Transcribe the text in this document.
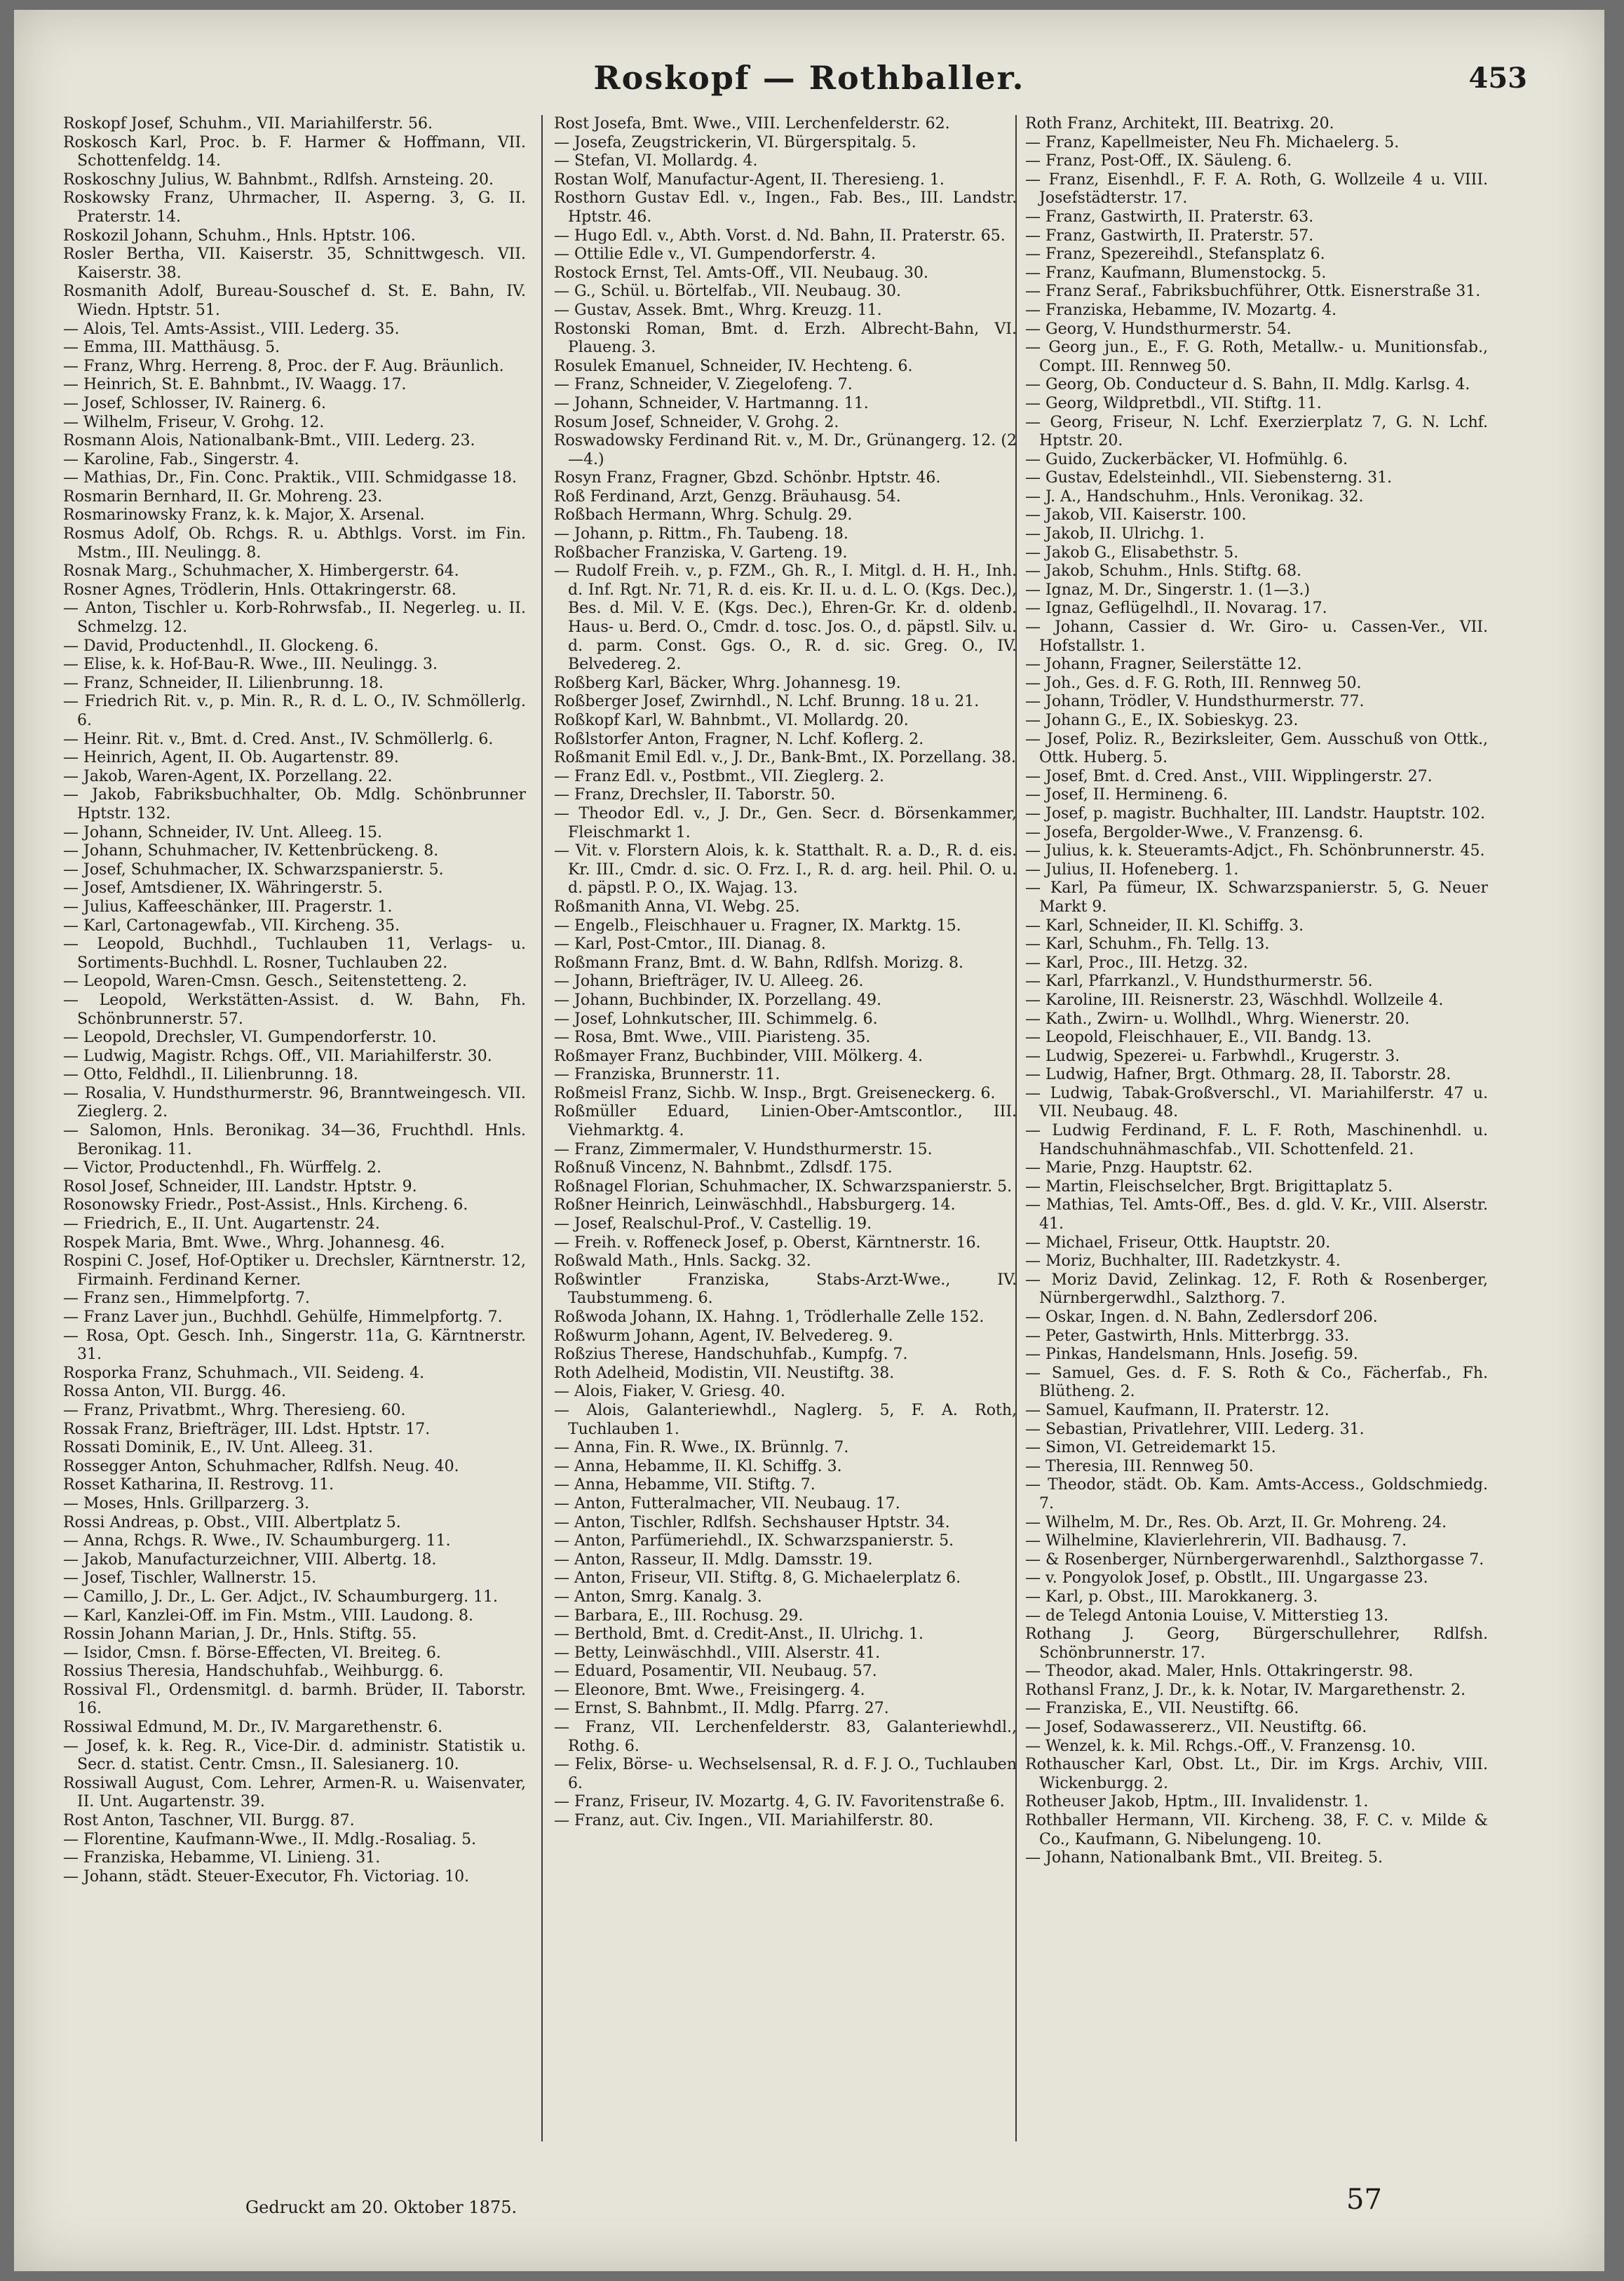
Roskopf — Rothballer.	453
Roskopf Josef, Schuhm., VII. Mariahilferstr. 56.
Roskosch Karl, Proc. b. F. Harmer & Hoffmann, VII. Schottenfeldg. 14.
Roskoschny Julius, W. Bahnbmt., Rdlfsh. Arnsteing. 20.
Roskowsky Franz, Uhrmacher, II. Asperng. 3, G. II. Praterstr. 14.
Roskozil Johann, Schuhm., Hnls. Hptstr. 106.
Rosler Bertha, VII. Kaiserstr. 35, Schnittwgesch. VII. Kaiserstr. 38.
Rosmanith Adolf, Bureau-Souschef d. St. E. Bahn, IV. Wiedn. Hptstr. 51.
— Alois, Tel. Amts-Assist., VIII. Lederg. 35.
— Emma, III. Matthäusg. 5.
— Franz, Whrg. Herreng. 8, Proc. der F. Aug. Bräunlich.
— Heinrich, St. E. Bahnbmt., IV. Waagg. 17.
— Josef, Schlosser, IV. Rainerg. 6.
— Wilhelm, Friseur, V. Grohg. 12.
Rosmann Alois, Nationalbank-Bmt., VIII. Lederg. 23.
— Karoline, Fab., Singerstr. 4.
— Mathias, Dr., Fin. Conc. Praktik., VIII. Schmidgasse 18.
Rosmarin Bernhard, II. Gr. Mohreng. 23.
Rosmarinowsky Franz, k. k. Major, X. Arsenal.
Rosmus Adolf, Ob. Rchgs. R. u. Abthlgs. Vorst. im Fin. Mstm., III. Neulingg. 8.
Rosnak Marg., Schuhmacher, X. Himbergerstr. 64.
Rosner Agnes, Trödlerin, Hnls. Ottakringerstr. 68.
— Anton, Tischler u. Korb-Rohrwsfab., II. Negerleg. u. II. Schmelzg. 12.
— David, Productenhdl., II. Glockeng. 6.
— Elise, k. k. Hof-Bau-R. Wwe., III. Neulingg. 3.
— Franz, Schneider, II. Lilienbrunng. 18.
— Friedrich Rit. v., p. Min. R., R. d. L. O., IV. Schmöllerlg. 6.
— Heinr. Rit. v., Bmt. d. Cred. Anst., IV. Schmöllerlg. 6.
— Heinrich, Agent, II. Ob. Augartenstr. 89.
— Jakob, Waren-Agent, IX. Porzellang. 22.
— Jakob, Fabriksbuchhalter, Ob. Mdlg. Schönbrunner Hptstr. 132.
— Johann, Schneider, IV. Unt. Alleeg. 15.
— Johann, Schuhmacher, IV. Kettenbrückeng. 8.
— Josef, Schuhmacher, IX. Schwarzspanierstr. 5.
— Josef, Amtsdiener, IX. Währingerstr. 5.
— Julius, Kaffeeschänker, III. Pragerstr. 1.
— Karl, Cartonagewfab., VII. Kircheng. 35.
— Leopold, Buchhdl., Tuchlauben 11, Verlags- u. Sortiments-Buchhdl. L. Rosner, Tuchlauben 22.
— Leopold, Waren-Cmsn. Gesch., Seitenstetteng. 2.
— Leopold, Werkstätten-Assist. d. W. Bahn, Fh. Schönbrunnerstr. 57.
— Leopold, Drechsler, VI. Gumpendorferstr. 10.
— Ludwig, Magistr. Rchgs. Off., VII. Mariahilferstr. 30.
— Otto, Feldhdl., II. Lilienbrunng. 18.
— Rosalia, V. Hundsthurmerstr. 96, Branntweingesch. VII. Zieglerg. 2.
— Salomon, Hnls. Beronikag. 34—36, Fruchthdl. Hnls. Beronikag. 11.
— Victor, Productenhdl., Fh. Würffelg. 2.
Rosol Josef, Schneider, III. Landstr. Hptstr. 9.
Rosonowsky Friedr., Post-Assist., Hnls. Kircheng. 6.
— Friedrich, E., II. Unt. Augartenstr. 24.
Rospek Maria, Bmt. Wwe., Whrg. Johannesg. 46.
Rospini C. Josef, Hof-Optiker u. Drechsler, Kärntnerstr. 12, Firmainh. Ferdinand Kerner.
— Franz sen., Himmelpfortg. 7.
— Franz Laver jun., Buchhdl. Gehülfe, Himmelpfortg. 7.
— Rosa, Opt. Gesch. Inh., Singerstr. 11a, G. Kärntnerstr. 31.
Rosporka Franz, Schuhmach., VII. Seideng. 4.
Rossa Anton, VII. Burgg. 46.
— Franz, Privatbmt., Whrg. Theresieng. 60.
Rossak Franz, Briefträger, III. Ldst. Hptstr. 17.
Rossati Dominik, E., IV. Unt. Alleeg. 31.
Rossegger Anton, Schuhmacher, Rdlfsh. Neug. 40.
Rosset Katharina, II. Restrovg. 11.
— Moses, Hnls. Grillparzerg. 3.
Rossi Andreas, p. Obst., VIII. Albertplatz 5.
— Anna, Rchgs. R. Wwe., IV. Schaumburgerg. 11.
— Jakob, Manufacturzeichner, VIII. Albertg. 18.
— Josef, Tischler, Wallnerstr. 15.
— Camillo, J. Dr., L. Ger. Adjct., IV. Schaumburgerg. 11.
— Karl, Kanzlei-Off. im Fin. Mstm., VIII. Laudong. 8.
Rossin Johann Marian, J. Dr., Hnls. Stiftg. 55.
— Isidor, Cmsn. f. Börse-Effecten, VI. Breiteg. 6.
Rossius Theresia, Handschuhfab., Weihburgg. 6.
Rossival Fl., Ordensmitgl. d. barmh. Brüder, II. Taborstr. 16.
Rossiwal Edmund, M. Dr., IV. Margarethenstr. 6.
— Josef, k. k. Reg. R., Vice-Dir. d. administr. Statistik u. Secr. d. statist. Centr. Cmsn., II. Salesianerg. 10.
Rossiwall August, Com. Lehrer, Armen-R. u. Waisenvater, II. Unt. Augartenstr. 39.
Rost Anton, Taschner, VII. Burgg. 87.
— Florentine, Kaufmann-Wwe., II. Mdlg.-Rosaliag. 5.
— Franziska, Hebamme, VI. Linieng. 31.
— Johann, städt. Steuer-Executor, Fh. Victoriag. 10.
Rost Josefa, Bmt. Wwe., VIII. Lerchenfelderstr. 62.
— Josefa, Zeugstrickerin, VI. Bürgerspitalg. 5.
— Stefan, VI. Mollardg. 4.
Rostan Wolf, Manufactur-Agent, II. Theresieng. 1.
Rosthorn Gustav Edl. v., Ingen., Fab. Bes., III. Landstr. Hptstr. 46.
— Hugo Edl. v., Abth. Vorst. d. Nd. Bahn, II. Praterstr. 65.
— Ottilie Edle v., VI. Gumpendorferstr. 4.
Rostock Ernst, Tel. Amts-Off., VII. Neubaug. 30.
— G., Schül. u. Börtelfab., VII. Neubaug. 30.
— Gustav, Assek. Bmt., Whrg. Kreuzg. 11.
Rostonski Roman, Bmt. d. Erzh. Albrecht-Bahn, VI. Plaueng. 3.
Rosulek Emanuel, Schneider, IV. Hechteng. 6.
— Franz, Schneider, V. Ziegelofeng. 7.
— Johann, Schneider, V. Hartmanng. 11.
Rosum Josef, Schneider, V. Grohg. 2.
Roswadowsky Ferdinand Rit. v., M. Dr., Grünangerg. 12. (2—4.)
Rosyn Franz, Fragner, Gbzd. Schönbr. Hptstr. 46.
Roß Ferdinand, Arzt, Genzg. Bräuhausg. 54.
Roßbach Hermann, Whrg. Schulg. 29.
— Johann, p. Rittm., Fh. Taubeng. 18.
Roßbacher Franziska, V. Garteng. 19.
— Rudolf Freih. v., p. FZM., Gh. R., I. Mitgl. d. H. H., Inh. d. Inf. Rgt. Nr. 71, R. d. eis. Kr. II. u. d. L. O. (Kgs. Dec.), Bes. d. Mil. V. E. (Kgs. Dec.), Ehren-Gr. Kr. d. oldenb. Haus- u. Berd. O., Cmdr. d. tosc. Jos. O., d. päpstl. Silv. u. d. parm. Const. Ggs. O., R. d. sic. Greg. O., IV. Belvedereg. 2.
Roßberg Karl, Bäcker, Whrg. Johannesg. 19.
Roßberger Josef, Zwirnhdl., N. Lchf. Brunng. 18 u. 21.
Roßkopf Karl, W. Bahnbmt., VI. Mollardg. 20.
Roßlstorfer Anton, Fragner, N. Lchf. Koflerg. 2.
Roßmanit Emil Edl. v., J. Dr., Bank-Bmt., IX. Porzellang. 38.
— Franz Edl. v., Postbmt., VII. Zieglerg. 2.
— Franz, Drechsler, II. Taborstr. 50.
— Theodor Edl. v., J. Dr., Gen. Secr. d. Börsenkammer, Fleischmarkt 1.
— Vit. v. Florstern Alois, k. k. Statthalt. R. a. D., R. d. eis. Kr. III., Cmdr. d. sic. O. Frz. I., R. d. arg. heil. Phil. O. u. d. päpstl. P. O., IX. Wajag. 13.
Roßmanith Anna, VI. Webg. 25.
— Engelb., Fleischhauer u. Fragner, IX. Marktg. 15.
— Karl, Post-Cmtor., III. Dianag. 8.
Roßmann Franz, Bmt. d. W. Bahn, Rdlfsh. Morizg. 8.
— Johann, Briefträger, IV. U. Alleeg. 26.
— Johann, Buchbinder, IX. Porzellang. 49.
— Josef, Lohnkutscher, III. Schimmelg. 6.
— Rosa, Bmt. Wwe., VIII. Piaristeng. 35.
Roßmayer Franz, Buchbinder, VIII. Mölkerg. 4.
— Franziska, Brunnerstr. 11.
Roßmeisl Franz, Sichb. W. Insp., Brgt. Greiseneckerg. 6.
Roßmüller Eduard, Linien-Ober-Amtscontlor., III. Viehmarktg. 4.
— Franz, Zimmermaler, V. Hundsthurmerstr. 15.
Roßnuß Vincenz, N. Bahnbmt., Zdlsdf. 175.
Roßnagel Florian, Schuhmacher, IX. Schwarzspanierstr. 5.
Roßner Heinrich, Leinwäschhdl., Habsburgerg. 14.
— Josef, Realschul-Prof., V. Castellig. 19.
— Freih. v. Roffeneck Josef, p. Oberst, Kärntnerstr. 16.
Roßwald Math., Hnls. Sackg. 32.
Roßwintler Franziska, Stabs-Arzt-Wwe., IV. Taubstummeng. 6.
Roßwoda Johann, IX. Hahng. 1, Trödlerhalle Zelle 152.
Roßwurm Johann, Agent, IV. Belvedereg. 9.
Roßzius Therese, Handschuhfab., Kumpfg. 7.
Roth Adelheid, Modistin, VII. Neustiftg. 38.
— Alois, Fiaker, V. Griesg. 40.
— Alois, Galanteriewhdl., Naglerg. 5, F. A. Roth, Tuchlauben 1.
— Anna, Fin. R. Wwe., IX. Brünnlg. 7.
— Anna, Hebamme, II. Kl. Schiffg. 3.
— Anna, Hebamme, VII. Stiftg. 7.
— Anton, Futteralmacher, VII. Neubaug. 17.
— Anton, Tischler, Rdlfsh. Sechshauser Hptstr. 34.
— Anton, Parfümeriehdl., IX. Schwarzspanierstr. 5.
— Anton, Rasseur, II. Mdlg. Damsstr. 19.
— Anton, Friseur, VII. Stiftg. 8, G. Michaelerplatz 6.
— Anton, Smrg. Kanalg. 3.
— Barbara, E., III. Rochusg. 29.
— Berthold, Bmt. d. Credit-Anst., II. Ulrichg. 1.
— Betty, Leinwäschhdl., VIII. Alserstr. 41.
— Eduard, Posamentir, VII. Neubaug. 57.
— Eleonore, Bmt. Wwe., Freisingerg. 4.
— Ernst, S. Bahnbmt., II. Mdlg. Pfarrg. 27.
— Franz, VII. Lerchenfelderstr. 83, Galanteriewhdl., Rothg. 6.
— Felix, Börse- u. Wechselsensal, R. d. F. J. O., Tuchlauben 6.
— Franz, Friseur, IV. Mozartg. 4, G. IV. Favoritenstraße 6.
— Franz, aut. Civ. Ingen., VII. Mariahilferstr. 80.
Roth Franz, Architekt, III. Beatrixg. 20.
— Franz, Kapellmeister, Neu Fh. Michaelerg. 5.
— Franz, Post-Off., IX. Säuleng. 6.
— Franz, Eisenhdl., F. F. A. Roth, G. Wollzeile 4 u. VIII. Josefstädterstr. 17.
— Franz, Gastwirth, II. Praterstr. 63.
— Franz, Gastwirth, II. Praterstr. 57.
— Franz, Spezereihdl., Stefansplatz 6.
— Franz, Kaufmann, Blumenstockg. 5.
— Franz Seraf., Fabriksbuchführer, Ottk. Eisnerstraße 31.
— Franziska, Hebamme, IV. Mozartg. 4.
— Georg, V. Hundsthurmerstr. 54.
— Georg jun., E., F. G. Roth, Metallw.- u. Munitionsfab., Compt. III. Rennweg 50.
— Georg, Ob. Conducteur d. S. Bahn, II. Mdlg. Karlsg. 4.
— Georg, Wildpretbdl., VII. Stiftg. 11.
— Georg, Friseur, N. Lchf. Exerzierplatz 7, G. N. Lchf. Hptstr. 20.
— Guido, Zuckerbäcker, VI. Hofmühlg. 6.
— Gustav, Edelsteinhdl., VII. Siebensterng. 31.
— J. A., Handschuhm., Hnls. Veronikag. 32.
— Jakob, VII. Kaiserstr. 100.
— Jakob, II. Ulrichg. 1.
— Jakob G., Elisabethstr. 5.
— Jakob, Schuhm., Hnls. Stiftg. 68.
— Ignaz, M. Dr., Singerstr. 1. (1—3.)
— Ignaz, Geflügelhdl., II. Novarag. 17.
— Johann, Cassier d. Wr. Giro- u. Cassen-Ver., VII. Hofstallstr. 1.
— Johann, Fragner, Seilerstätte 12.
— Joh., Ges. d. F. G. Roth, III. Rennweg 50.
— Johann, Trödler, V. Hundsthurmerstr. 77.
— Johann G., E., IX. Sobieskyg. 23.
— Josef, Poliz. R., Bezirksleiter, Gem. Ausschuß von Ottk., Ottk. Huberg. 5.
— Josef, Bmt. d. Cred. Anst., VIII. Wipplingerstr. 27.
— Josef, II. Hermineng. 6.
— Josef, p. magistr. Buchhalter, III. Landstr. Hauptstr. 102.
— Josefa, Bergolder-Wwe., V. Franzensg. 6.
— Julius, k. k. Steueramts-Adjct., Fh. Schönbrunnerstr. 45.
— Julius, II. Hofeneberg. 1.
— Karl, Pa fümeur, IX. Schwarzspanierstr. 5, G. Neuer Markt 9.
— Karl, Schneider, II. Kl. Schiffg. 3.
— Karl, Schuhm., Fh. Tellg. 13.
— Karl, Proc., III. Hetzg. 32.
— Karl, Pfarrkanzl., V. Hundsthurmerstr. 56.
— Karoline, III. Reisnerstr. 23, Wäschhdl. Wollzeile 4.
— Kath., Zwirn- u. Wollhdl., Whrg. Wienerstr. 20.
— Leopold, Fleischhauer, E., VII. Bandg. 13.
— Ludwig, Spezerei- u. Farbwhdl., Krugerstr. 3.
— Ludwig, Hafner, Brgt. Othmarg. 28, II. Taborstr. 28.
— Ludwig, Tabak-Großverschl., VI. Mariahilferstr. 47 u. VII. Neubaug. 48.
— Ludwig Ferdinand, F. L. F. Roth, Maschinenhdl. u. Handschuhnähmaschfab., VII. Schottenfeld. 21.
— Marie, Pnzg. Hauptstr. 62.
— Martin, Fleischselcher, Brgt. Brigittaplatz 5.
— Mathias, Tel. Amts-Off., Bes. d. gld. V. Kr., VIII. Alserstr. 41.
— Michael, Friseur, Ottk. Hauptstr. 20.
— Moriz, Buchhalter, III. Radetzkystr. 4.
— Moriz David, Zelinkag. 12, F. Roth & Rosenberger, Nürnbergerwdhl., Salzthorg. 7.
— Oskar, Ingen. d. N. Bahn, Zedlersdorf 206.
— Peter, Gastwirth, Hnls. Mitterbrgg. 33.
— Pinkas, Handelsmann, Hnls. Josefig. 59.
— Samuel, Ges. d. F. S. Roth & Co., Fächerfab., Fh. Blütheng. 2.
— Samuel, Kaufmann, II. Praterstr. 12.
— Sebastian, Privatlehrer, VIII. Lederg. 31.
— Simon, VI. Getreidemarkt 15.
— Theresia, III. Rennweg 50.
— Theodor, städt. Ob. Kam. Amts-Access., Goldschmiedg. 7.
— Wilhelm, M. Dr., Res. Ob. Arzt, II. Gr. Mohreng. 24.
— Wilhelmine, Klavierlehrerin, VII. Badhausg. 7.
— & Rosenberger, Nürnbergerwarenhdl., Salzthorgasse 7.
— v. Pongyolok Josef, p. Obstlt., III. Ungargasse 23.
— Karl, p. Obst., III. Marokkanerg. 3.
— de Telegd Antonia Louise, V. Mitterstieg 13.
Rothang J. Georg, Bürgerschullehrer, Rdlfsh. Schönbrunnerstr. 17.
— Theodor, akad. Maler, Hnls. Ottakringerstr. 98.
Rothansl Franz, J. Dr., k. k. Notar, IV. Margarethenstr. 2.
— Franziska, E., VII. Neustiftg. 66.
— Josef, Sodawassererz., VII. Neustiftg. 66.
— Wenzel, k. k. Mil. Rchgs.-Off., V. Franzensg. 10.
Rothauscher Karl, Obst. Lt., Dir. im Krgs. Archiv, VIII. Wickenburgg. 2.
Rotheuser Jakob, Hptm., III. Invalidenstr. 1.
Rothballer Hermann, VII. Kircheng. 38, F. C. v. Milde & Co., Kaufmann, G. Nibelungeng. 10.
— Johann, Nationalbank Bmt., VII. Breiteg. 5.
Gedruckt am 20. Oktober 1875.	57
